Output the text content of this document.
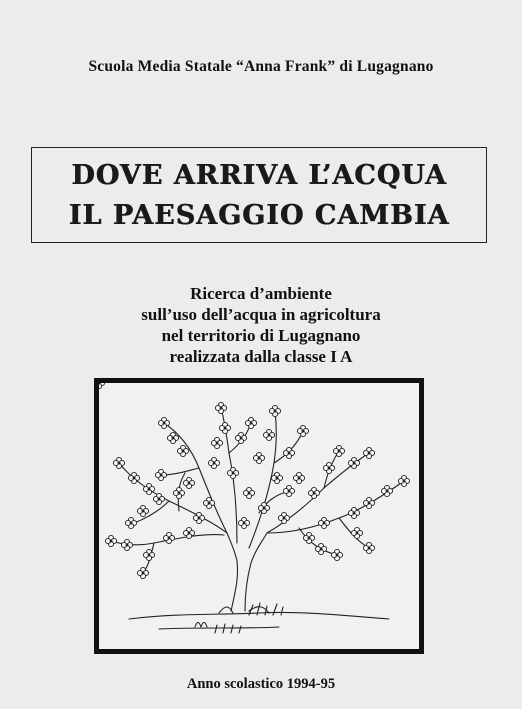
Scuola Media Statale “Anna Frank” di Lugagnano
DOVE ARRIVA L’ACQUA
IL PAESAGGIO CAMBIA
Ricerca d’ambiente
sull’uso dell’acqua in agricoltura
nel territorio di Lugagnano
realizzata dalla classe I A
Anno scolastico 1994-95
